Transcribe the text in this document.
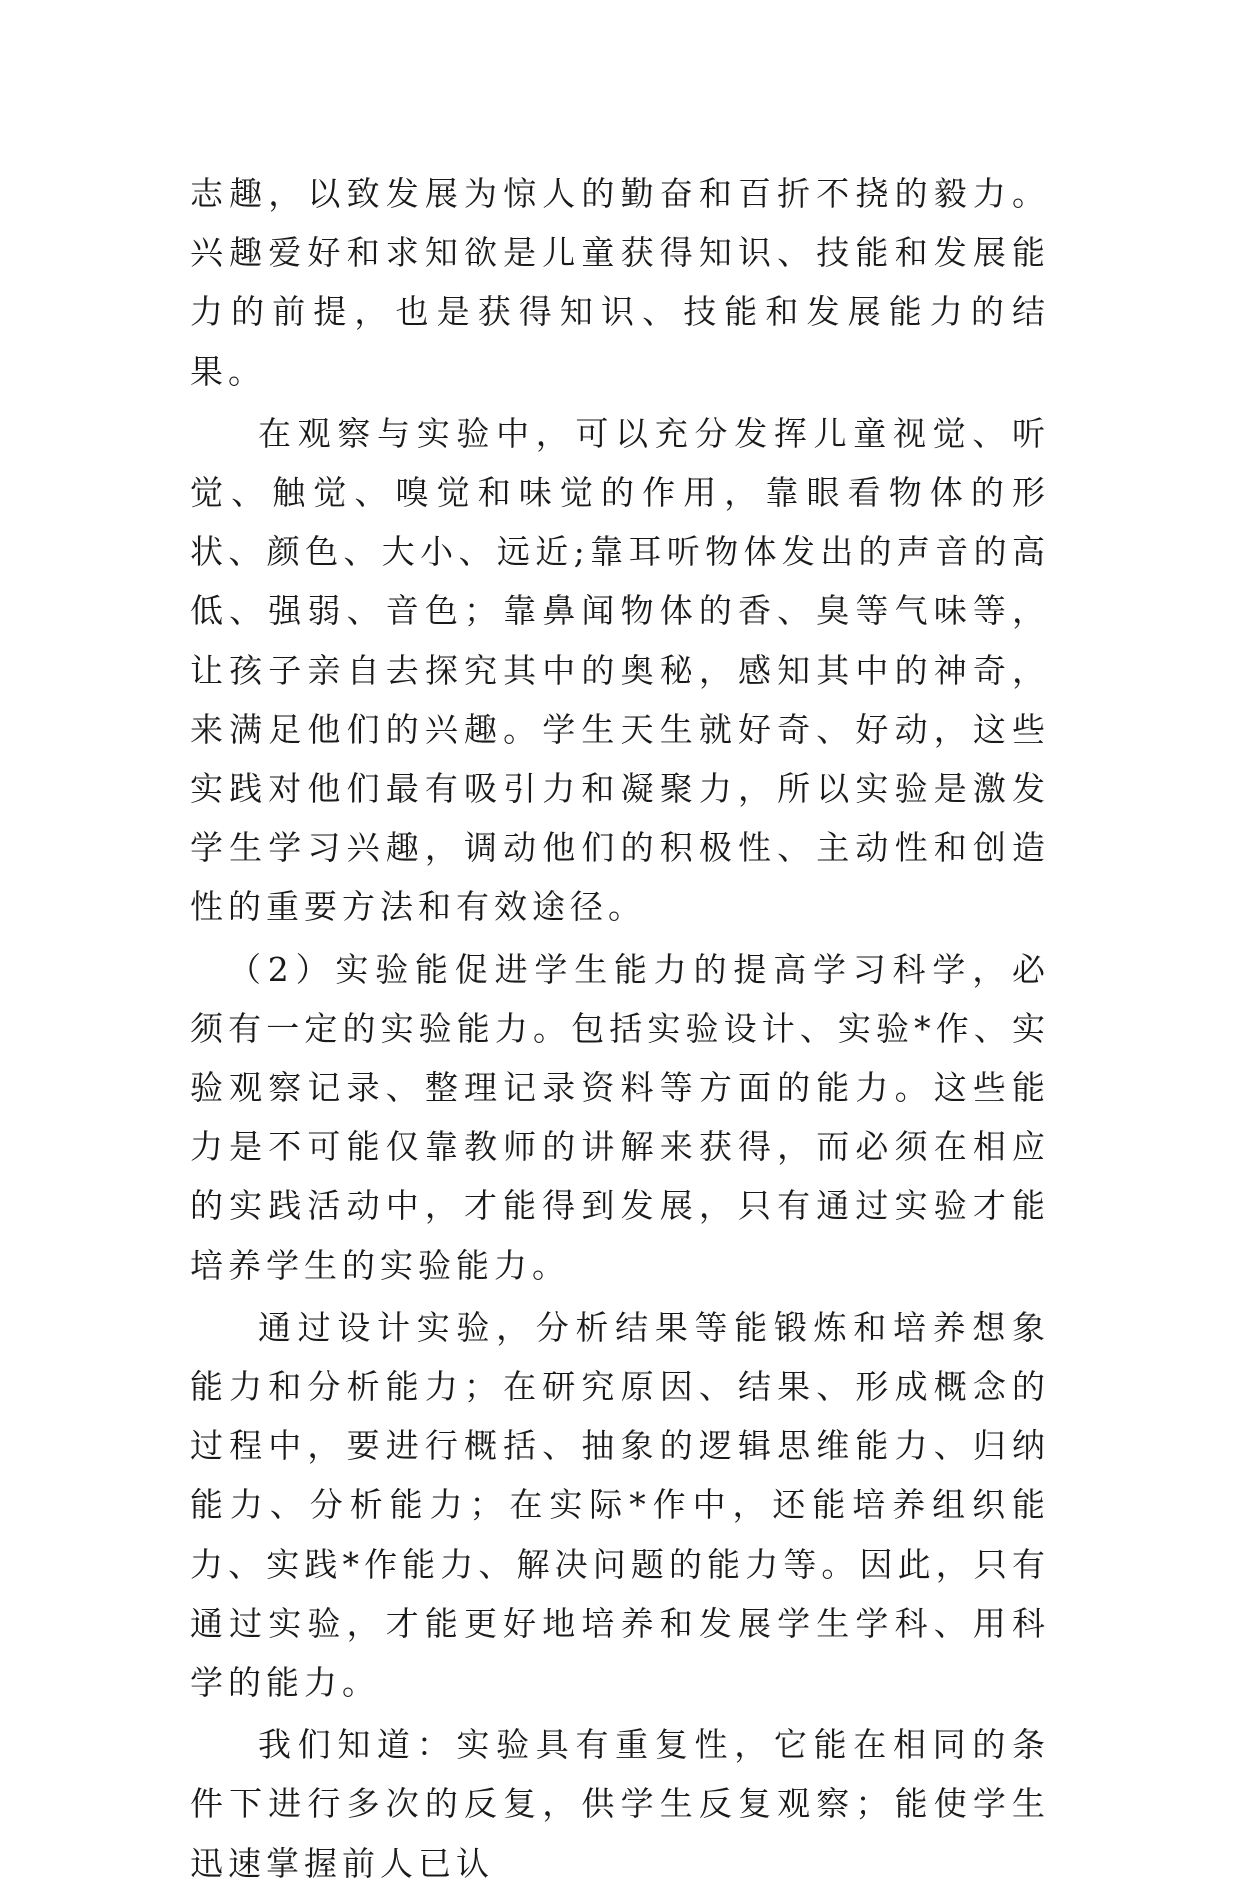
志趣，以致发展为惊人的勤奋和百折不挠的毅力。兴趣爱好和求知欲是儿童获得知识、技能和发展能力的前提，也是获得知识、技能和发展能力的结果。

在观察与实验中，可以充分发挥儿童视觉、听觉、触觉、嗅觉和味觉的作用，靠眼看物体的形状、颜色、大小、远近;靠耳听物体发出的声音的高低、强弱、音色；靠鼻闻物体的香、臭等气味等，让孩子亲自去探究其中的奥秘，感知其中的神奇，来满足他们的兴趣。学生天生就好奇、好动，这些实践对他们最有吸引力和凝聚力，所以实验是激发学生学习兴趣，调动他们的积极性、主动性和创造性的重要方法和有效途径。

（2）实验能促进学生能力的提高学习科学，必须有一定的实验能力。包括实验设计、实验*作、实验观察记录、整理记录资料等方面的能力。这些能力是不可能仅靠教师的讲解来获得，而必须在相应的实践活动中，才能得到发展，只有通过实验才能培养学生的实验能力。

通过设计实验，分析结果等能锻炼和培养想象能力和分析能力；在研究原因、结果、形成概念的过程中，要进行概括、抽象的逻辑思维能力、归纳能力、分析能力；在实际*作中，还能培养组织能力、实践*作能力、解决问题的能力等。因此，只有通过实验，才能更好地培养和发展学生学科、用科学的能力。

我们知道：实验具有重复性，它能在相同的条件下进行多次的反复，供学生反复观察；能使学生迅速掌握前人已认
